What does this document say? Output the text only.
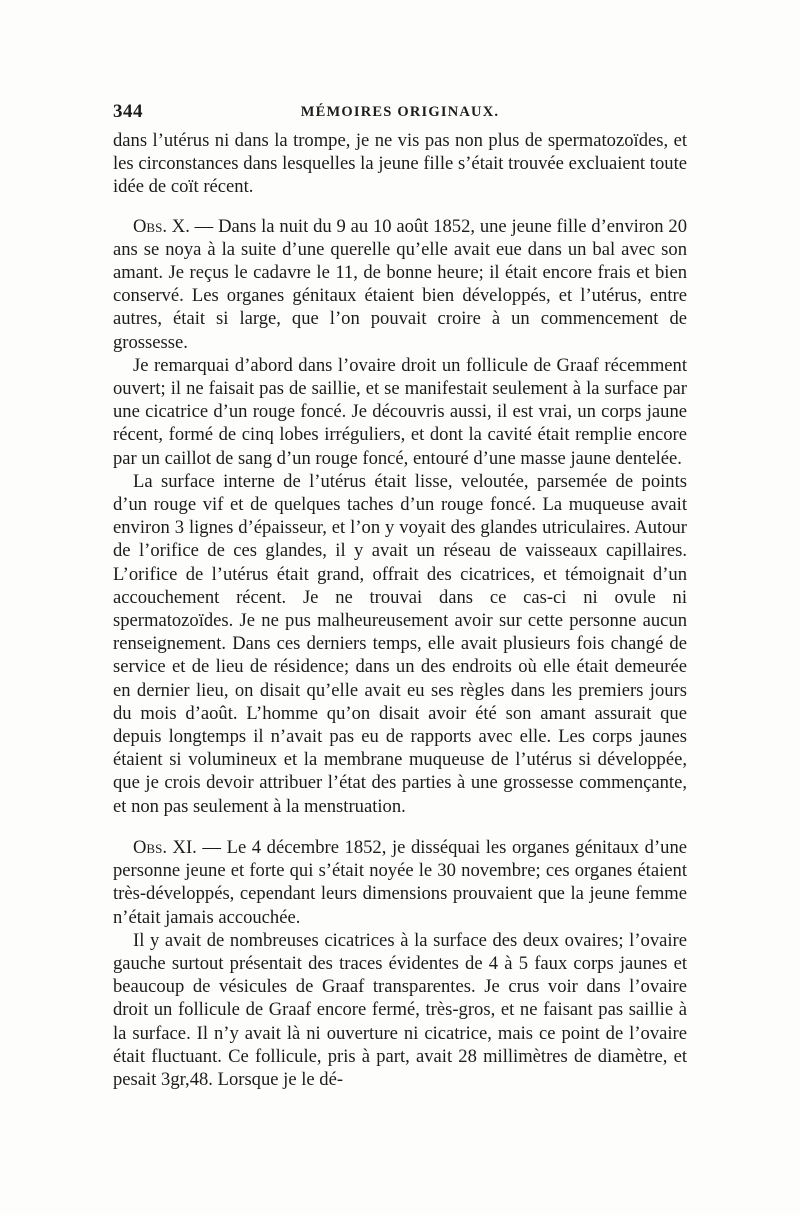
344	MÉMOIRES ORIGINAUX.

dans l’utérus ni dans la trompe, je ne vis pas non plus de spermatozoïdes, et les circonstances dans lesquelles la jeune fille s’était trouvée excluaient toute idée de coït récent.

Obs. X. — Dans la nuit du 9 au 10 août 1852, une jeune fille d’environ 20 ans se noya à la suite d’une querelle qu’elle avait eue dans un bal avec son amant. Je reçus le cadavre le 11, de bonne heure; il était encore frais et bien conservé. Les organes génitaux étaient bien développés, et l’utérus, entre autres, était si large, que l’on pouvait croire à un commencement de grossesse.

Je remarquai d’abord dans l’ovaire droit un follicule de Graaf récemment ouvert; il ne faisait pas de saillie, et se manifestait seulement à la surface par une cicatrice d’un rouge foncé. Je découvris aussi, il est vrai, un corps jaune récent, formé de cinq lobes irréguliers, et dont la cavité était remplie encore par un caillot de sang d’un rouge foncé, entouré d’une masse jaune dentelée.

La surface interne de l’utérus était lisse, veloutée, parsemée de points d’un rouge vif et de quelques taches d’un rouge foncé. La muqueuse avait environ 3 lignes d’épaisseur, et l’on y voyait des glandes utriculaires. Autour de l’orifice de ces glandes, il y avait un réseau de vaisseaux capillaires. L’orifice de l’utérus était grand, offrait des cicatrices, et témoignait d’un accouchement récent. Je ne trouvai dans ce cas-ci ni ovule ni spermatozoïdes. Je ne pus malheureusement avoir sur cette personne aucun renseignement. Dans ces derniers temps, elle avait plusieurs fois changé de service et de lieu de résidence; dans un des endroits où elle était demeurée en dernier lieu, on disait qu’elle avait eu ses règles dans les premiers jours du mois d’août. L’homme qu’on disait avoir été son amant assurait que depuis longtemps il n’avait pas eu de rapports avec elle. Les corps jaunes étaient si volumineux et la membrane muqueuse de l’utérus si développée, que je crois devoir attribuer l’état des parties à une grossesse commençante, et non pas seulement à la menstruation.

Obs. XI. — Le 4 décembre 1852, je disséquai les organes génitaux d’une personne jeune et forte qui s’était noyée le 30 novembre; ces organes étaient très-développés, cependant leurs dimensions prouvaient que la jeune femme n’était jamais accouchée.

Il y avait de nombreuses cicatrices à la surface des deux ovaires; l’ovaire gauche surtout présentait des traces évidentes de 4 à 5 faux corps jaunes et beaucoup de vésicules de Graaf transparentes. Je crus voir dans l’ovaire droit un follicule de Graaf encore fermé, très-gros, et ne faisant pas saillie à la surface. Il n’y avait là ni ouverture ni cicatrice, mais ce point de l’ovaire était fluctuant. Ce follicule, pris à part, avait 28 millimètres de diamètre, et pesait 3gr,48. Lorsque je le dé-
